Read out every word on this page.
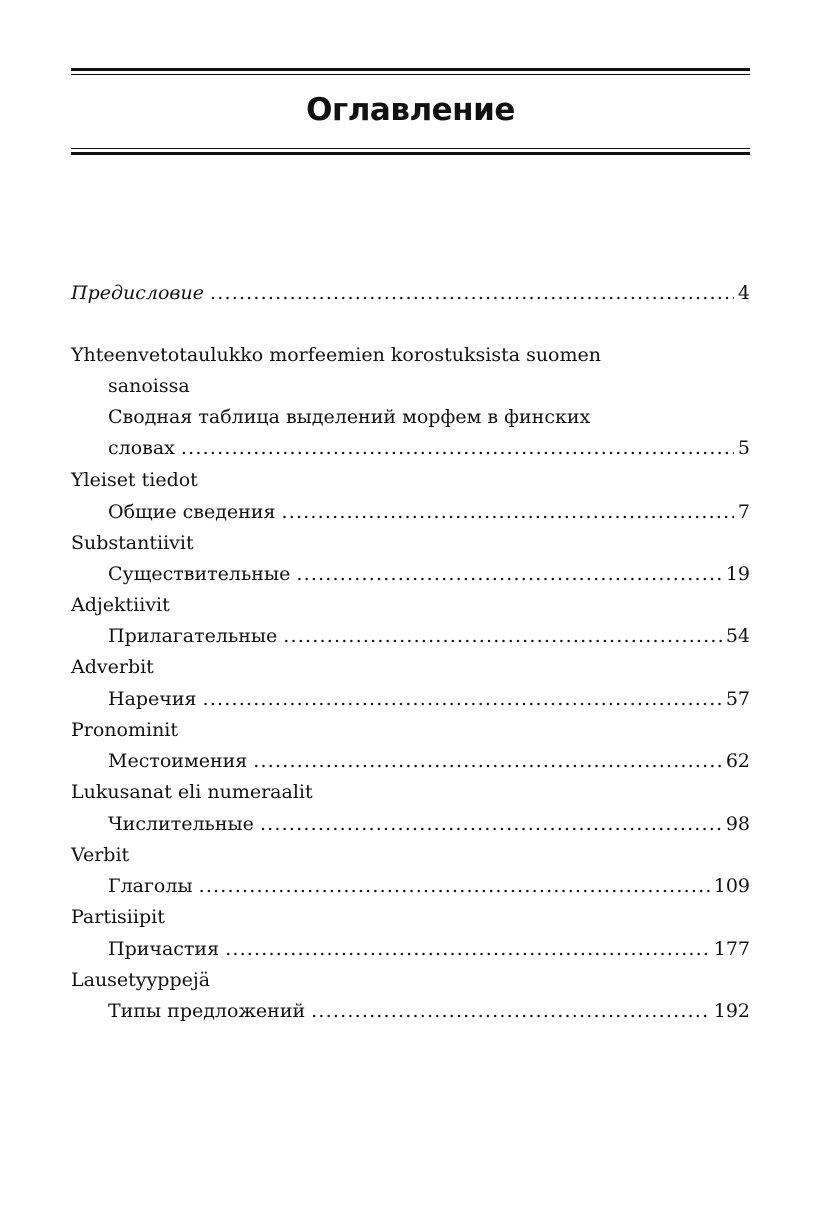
Оглавление
Предисловие .....	4
Yhteenvetotaulukko morfeemien korostuksista suomen
sanoissa
Сводная таблица выделений морфем в финских
словах .....	5
Yleiset tiedot
Общие сведения .....	7
Substantiivit
Существительные .....	19
Adjektiivit
Прилагательные .....	54
Adverbit
Наречия .....	57
Pronominit
Местоимения .....	62
Lukusanat eli numeraalit
Числительные .....	98
Verbit
Глаголы .....	109
Partisiipit
Причастия .....	177
Lausetyyppejä
Типы предложений .....	192
